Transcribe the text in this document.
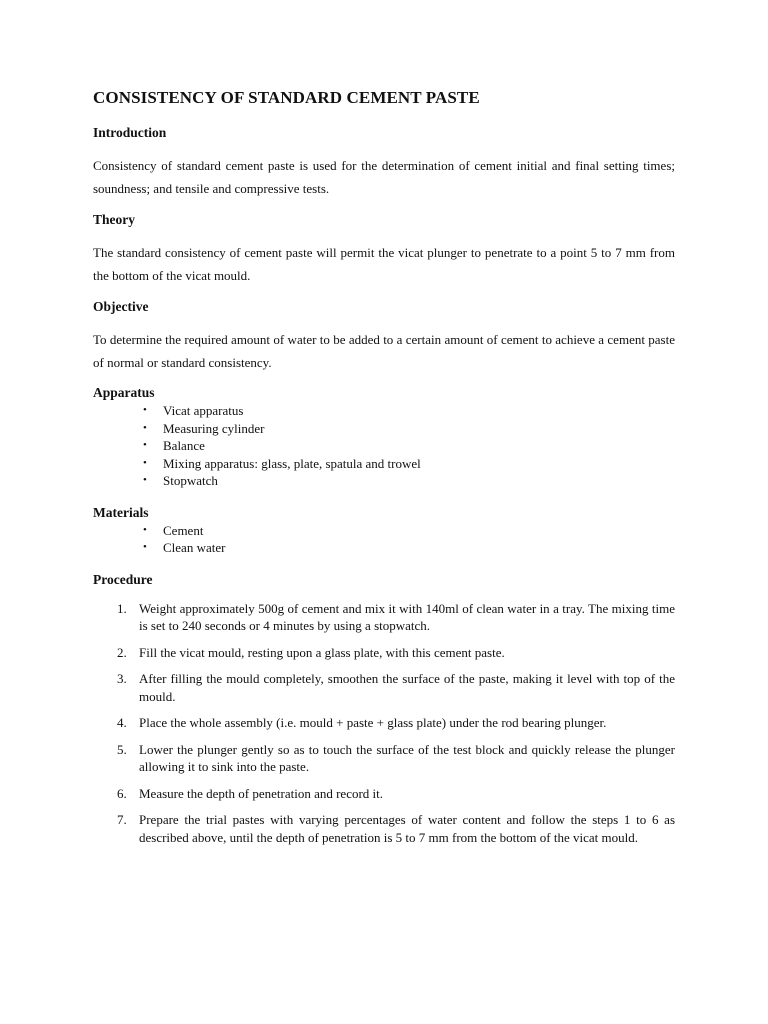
CONSISTENCY OF STANDARD CEMENT PASTE
Introduction

Consistency of standard cement paste is used for the determination of cement initial and final setting times; soundness; and tensile and compressive tests.

Theory

The standard consistency of cement paste will permit the vicat plunger to penetrate to a point 5 to 7 mm from the bottom of the vicat mould.

Objective

To determine the required amount of water to be added to a certain amount of cement to achieve a cement paste of normal or standard consistency.

Apparatus
•	Vicat apparatus
•	Measuring cylinder
•	Balance
•	Mixing apparatus: glass, plate, spatula and trowel
•	Stopwatch
Materials
•	Cement
•	Clean water
Procedure
1. Weight approximately 500g of cement and mix it with 140ml of clean water in a tray. The mixing time is set to 240 seconds or 4 minutes by using a stopwatch.
2. Fill the vicat mould, resting upon a glass plate, with this cement paste.
3. After filling the mould completely, smoothen the surface of the paste, making it level with top of the mould.
4. Place the whole assembly (i.e. mould + paste + glass plate) under the rod bearing plunger.
5. Lower the plunger gently so as to touch the surface of the test block and quickly release the plunger allowing it to sink into the paste.
6. Measure the depth of penetration and record it.
7. Prepare the trial pastes with varying percentages of water content and follow the steps 1 to 6 as described above, until the depth of penetration is 5 to 7 mm from the bottom of the vicat mould.
